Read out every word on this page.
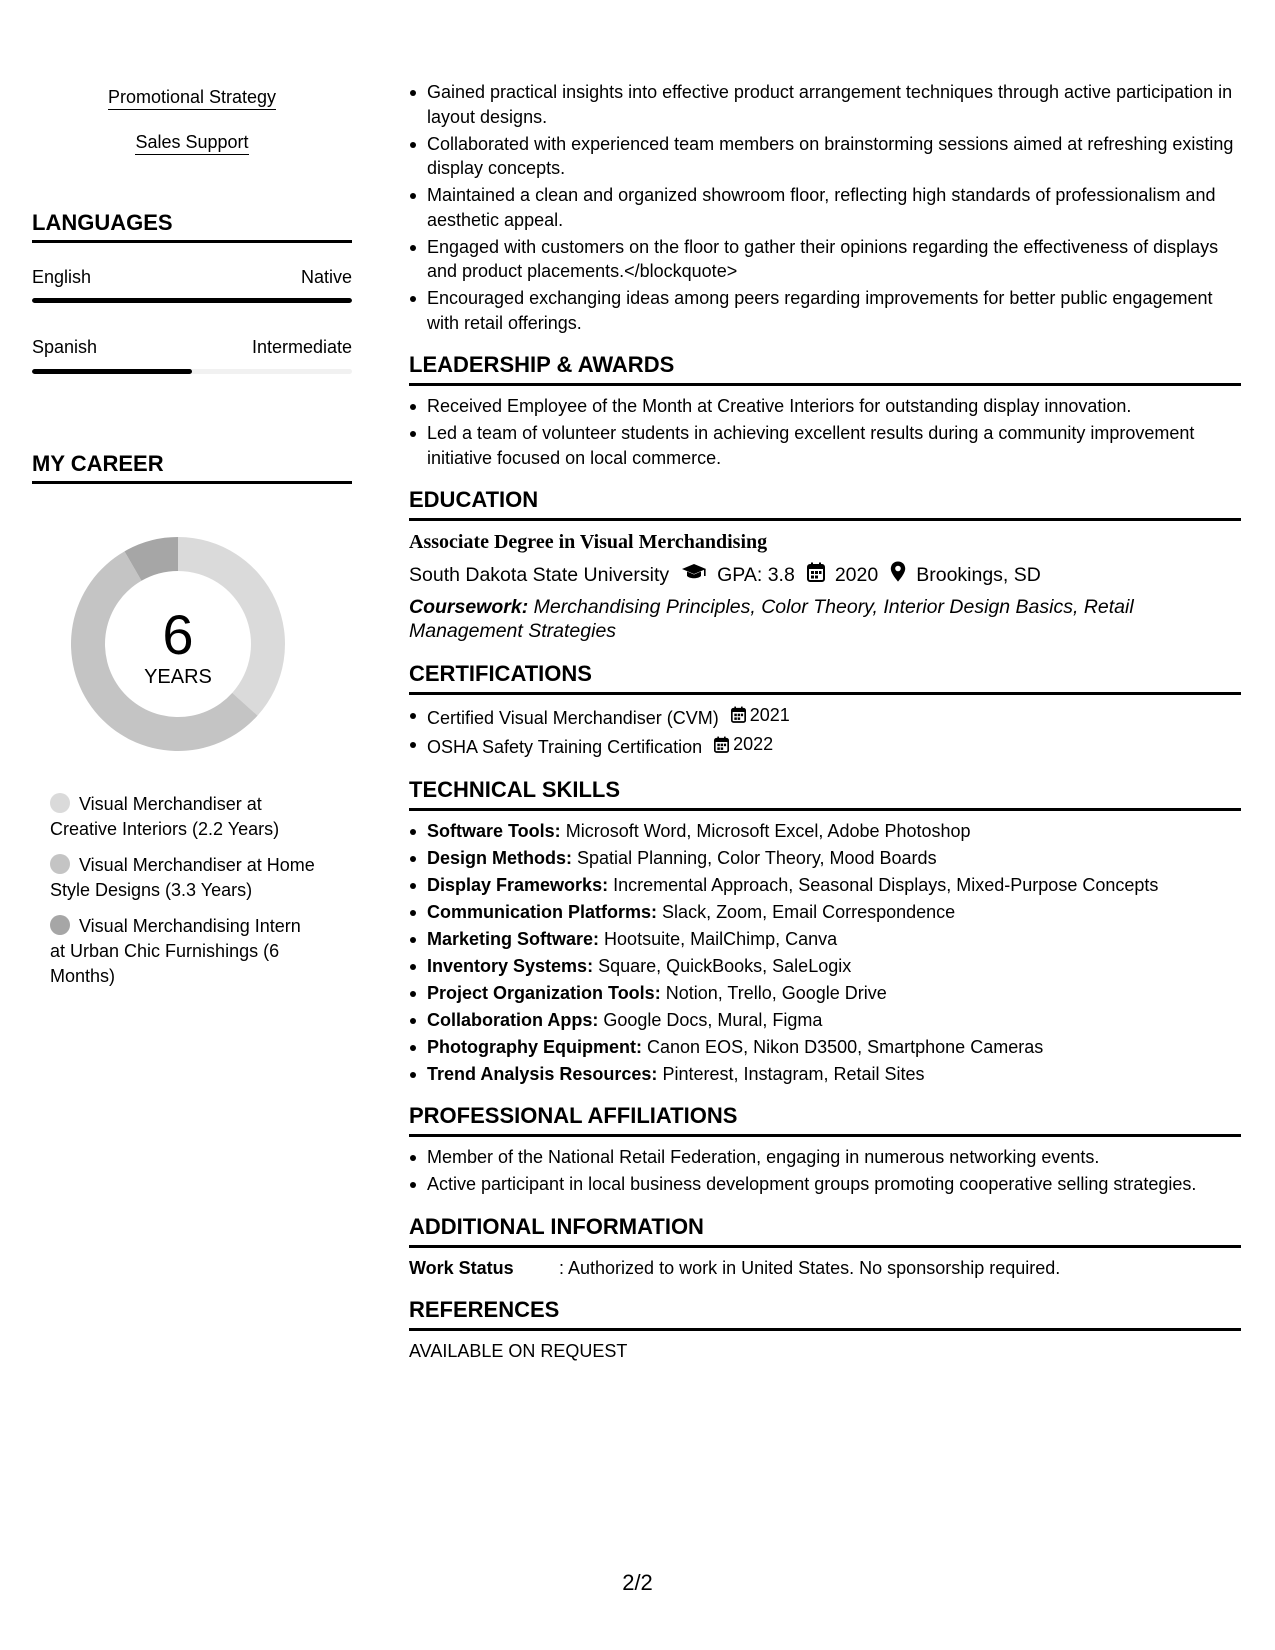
Promotional Strategy
Sales Support
LANGUAGES
English	Native
Spanish	Intermediate
MY CAREER
6
YEARS
Visual Merchandiser at Creative Interiors (2.2 Years)
Visual Merchandiser at Home Style Designs (3.3 Years)
Visual Merchandising Intern at Urban Chic Furnishings (6 Months)
Gained practical insights into effective product arrangement techniques through active participation in layout designs.
Collaborated with experienced team members on brainstorming sessions aimed at refreshing existing display concepts.
Maintained a clean and organized showroom floor, reflecting high standards of professionalism and aesthetic appeal.
Engaged with customers on the floor to gather their opinions regarding the effectiveness of displays and product placements.</blockquote>
Encouraged exchanging ideas among peers regarding improvements for better public engagement with retail offerings.
LEADERSHIP & AWARDS
Received Employee of the Month at Creative Interiors for outstanding display innovation.
Led a team of volunteer students in achieving excellent results during a community improvement initiative focused on local commerce.
EDUCATION
Associate Degree in Visual Merchandising
South Dakota State University GPA: 3.8 2020 Brookings, SD
Coursework: Merchandising Principles, Color Theory, Interior Design Basics, Retail Management Strategies
CERTIFICATIONS
Certified Visual Merchandiser (CVM) 2021
OSHA Safety Training Certification 2022
TECHNICAL SKILLS
Software Tools: Microsoft Word, Microsoft Excel, Adobe Photoshop
Design Methods: Spatial Planning, Color Theory, Mood Boards
Display Frameworks: Incremental Approach, Seasonal Displays, Mixed-Purpose Concepts
Communication Platforms: Slack, Zoom, Email Correspondence
Marketing Software: Hootsuite, MailChimp, Canva
Inventory Systems: Square, QuickBooks, SaleLogix
Project Organization Tools: Notion, Trello, Google Drive
Collaboration Apps: Google Docs, Mural, Figma
Photography Equipment: Canon EOS, Nikon D3500, Smartphone Cameras
Trend Analysis Resources: Pinterest, Instagram, Retail Sites
PROFESSIONAL AFFILIATIONS
Member of the National Retail Federation, engaging in numerous networking events.
Active participant in local business development groups promoting cooperative selling strategies.
ADDITIONAL INFORMATION
Work Status	: Authorized to work in United States. No sponsorship required.
REFERENCES
AVAILABLE ON REQUEST
2/2
